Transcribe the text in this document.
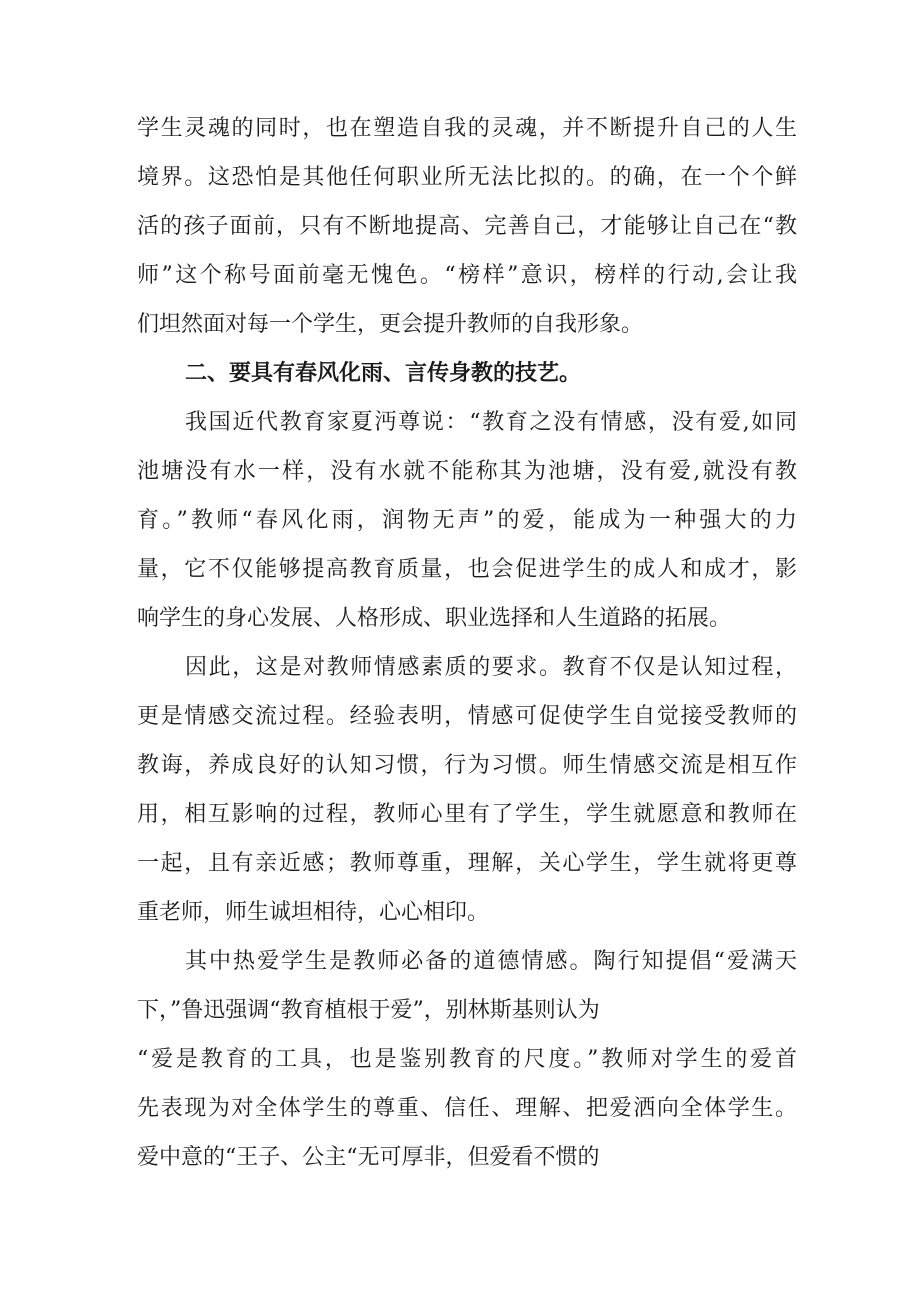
学生灵魂的同时，也在塑造自我的灵魂，并不断提升自己的人生
境界。这恐怕是其他任何职业所无法比拟的。的确，在一个个鲜
活的孩子面前，只有不断地提高、完善自己，才能够让自己在“教
师”这个称号面前毫无愧色。“榜样”意识，榜样的行动,会让我
们坦然面对每一个学生，更会提升教师的自我形象。
二、要具有春风化雨、言传身教的技艺。
我国近代教育家夏沔尊说：“教育之没有情感，没有爱,如同
池塘没有水一样，没有水就不能称其为池塘，没有爱,就没有教
育。”教师“春风化雨，润物无声”的爱，能成为一种强大的力
量，它不仅能够提高教育质量，也会促进学生的成人和成才，影
响学生的身心发展、人格形成、职业选择和人生道路的拓展。
因此，这是对教师情感素质的要求。教育不仅是认知过程，
更是情感交流过程。经验表明，情感可促使学生自觉接受教师的
教诲，养成良好的认知习惯，行为习惯。师生情感交流是相互作
用，相互影响的过程，教师心里有了学生，学生就愿意和教师在
一起，且有亲近感；教师尊重，理解，关心学生，学生就将更尊
重老师，师生诚坦相待，心心相印。
其中热爱学生是教师必备的道德情感。陶行知提倡“爱满天
下，”鲁迅强调“教育植根于爱”，别林斯基则认为
“爱是教育的工具，也是鉴别教育的尺度。”教师对学生的爱首
先表现为对全体学生的尊重、信任、理解、把爱洒向全体学生。
爱中意的“王子、公主“无可厚非，但爱看不惯的
